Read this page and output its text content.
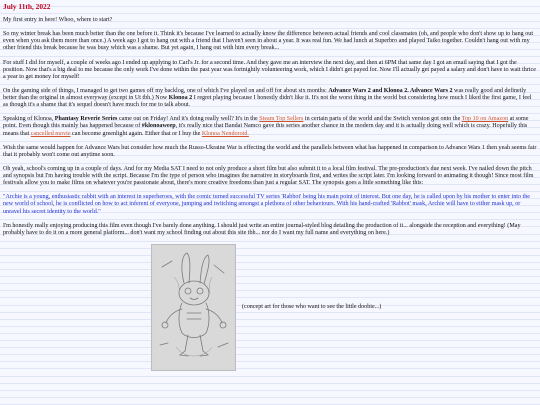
July 11th, 2022

My first entry in here! Whoo, where to start?

So my winter break has been much better than the one before it. Think it's because I've learned to actually know the difference between actual friends and cool classmates (oh, and people who don't show up to hang out even when you ask them more than once.) A week ago I got to hang out with a friend that I haven't seen in about a year. It was real fun. We had lunch at Superbro and played Taiko together. Couldn't hang out with my other friend this break because he was busy which was a shame. But yet again, I hang out with him every break...

For stuff I did for myself, a couple of weeks ago I ended up applying to Carl's Jr. for a second time. And they gave me an interview the next day, and then at 6PM that same day I got an email saying that I got the position. Now that's a big deal to me because the only work I've done within the past year was fortnightly volunteering work, which I didn't get payed for. Now I'll actually get payed a salary and don't have to wait thrice a year to get money for myself!

On the gaming side of things, I managed to get two games off my backlog, one of which I've played on and off for about six months: Advance Wars 2 and Klonoa 2. Advance Wars 2 was really good and definetly better than the original in almost everyway (except in Ut tbh.) Now Klonoa 2 I regret playing because I honestly didn't like it. It's not the worst thing in the world but considering how much I liked the first game, I feel as though it's a shame that it's sequel doesn't have much for me to talk about.

Speaking of Klonoa, Phantasy Reverie Series came out on Friday! And it's doing really well? It's in the Steam Top Sellers in certain parts of the world and the Switch version got onto the Top 10 on Amazon at some point. Even though this mainly has happened because of #klonoaweep, it's really nice that Bandai Namco gave this series another chance in the modern day and it is actually doing well which is crazy. Hopefully this means that cancelled movie can become greenlight again. Either that or I buy the Klonoa Nendoroid.

Wish the same would happen for Advance Wars but consider how much the Russo-Ukraine War is effecting the world and the parallels between what has happened in comparison to Advance Wars 1 then yeah seems fair that it probably won't come out anytime soon.

Oh yeah, school's coming up in a couple of days. And for my Media SAT I need to not only produce a short film but also submit it to a local film festival. The pre-production's due next week. I've nailed down the pitch and synopsis but I'm having trouble with the script. Because I'm the type of person who imagines the narrative in storyboards first, and writes the script later. I'm looking forward to animating it though! Since most film festivals allow you to make films on whatever you're passionate about, there's more creative freedoms than just a regular SAT. The synopsis goes a little something like this:

"Archie is a young, enthusiastic rabbit with an interest in superheroes, with the comic turned successful TV series 'Rabbot' being his main point of interest. But one day, he is called upon by his mother to enter into the new world of school, he is conflicted on how to act inferent of everyone, jumping and twitching amongst a plethora of other behaviours. With his hand-crafted 'Rabbot' mask, Archie will have to either mask up, or unravel his secret identity to the world."

I'm honestly really enjoying producing this film even though I've barely done anything. I should just write an entire journal-styled blog detailing the production of it... alongside the reception and everything! (May probably have to do it on a more general platform... don't want my school finding out about this site tbh... nor do I want my full name and everything on here.)

(concept art for those who want to see the little doobie...)
